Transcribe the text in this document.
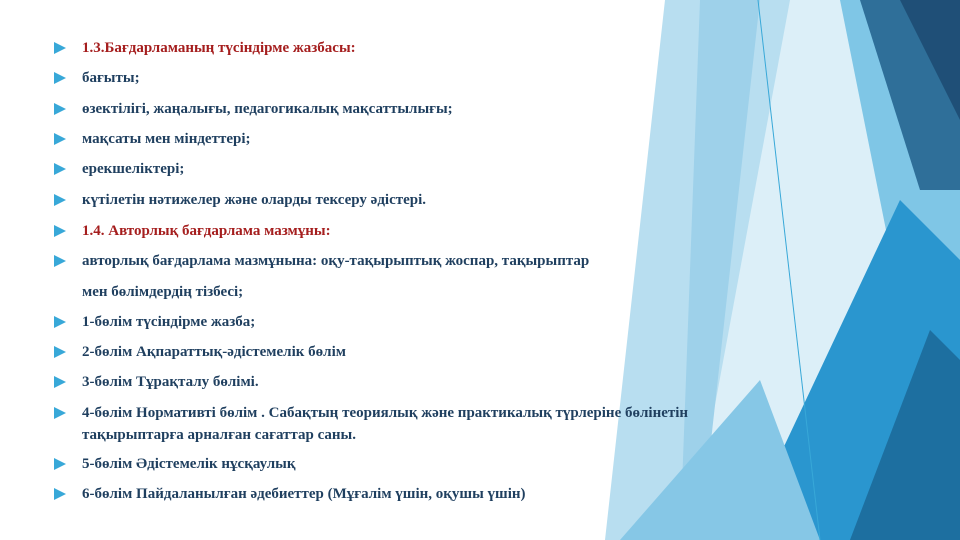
1.3.Бағдарламаның түсіндірме жазбасы:
бағыты;
өзектілігі, жаңалығы, педагогикалық мақсаттылығы;
мақсаты мен міндеттері;
ерекшеліктері;
күтілетін нәтижелер және оларды тексеру әдістері.
1.4. Авторлық бағдарлама мазмұны:
авторлық бағдарлама мазмұнына: оқу-тақырыптық жоспар, тақырыптар
мен бөлімдердің тізбесі;
1-бөлім түсіндірме жазба;
2-бөлім Ақпараттық-әдістемелік бөлім
3-бөлім Тұрақталу бөлімі.
4-бөлім Нормативті бөлім . Сабақтың теориялық және практикалық түрлеріне бөлінетін
тақырыптарға арналған сағаттар саны.
5-бөлім Әдістемелік нұсқаулық
6-бөлім Пайдаланылған әдебиеттер (Мұғалім үшін, оқушы үшін)
